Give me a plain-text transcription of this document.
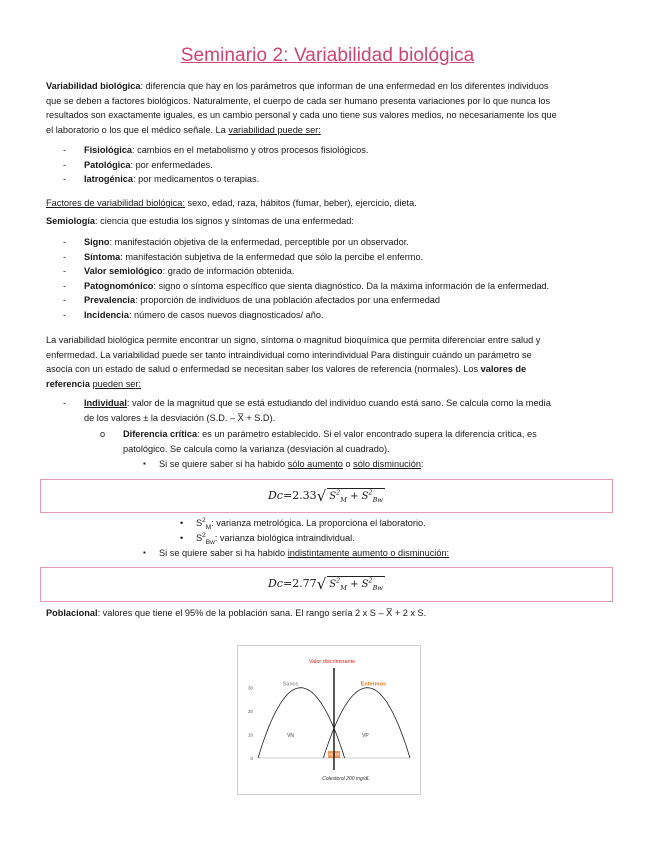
Seminario 2: Variabilidad biológica
Variabilidad biológica: diferencia que hay en los parámetros que informan de una enfermedad en los diferentes individuos
que se deben a factores biológicos. Naturalmente, el cuerpo de cada ser humano presenta variaciones por lo que nunca los
resultados son exactamente iguales, es un cambio personal y cada uno tiene sus valores medios, no necesariamente los que
el laboratorio o los que el médico señale. La variabilidad puede ser:
- Fisiológica: cambios en el metabolismo y otros procesos fisiológicos.
- Patológica: por enfermedades.
- Iatrogénica: por medicamentos o terapias.
Factores de variabilidad biológica: sexo, edad, raza, hábitos (fumar, beber), ejercicio, dieta.
Semiología: ciencia que estudia los signos y síntomas de una enfermedad:
- Signo: manifestación objetiva de la enfermedad, perceptible por un observador.
- Síntoma: manifestación subjetiva de la enfermedad que sólo la percibe el enfermo.
- Valor semiológico: grado de información obtenida.
- Patognomónico: signo o síntoma específico que sienta diagnóstico. Da la máxima información de la enfermedad.
- Prevalencia: proporción de individuos de una población afectados por una enfermedad
- Incidencia: número de casos nuevos diagnosticados/ año.
La variabilidad biológica permite encontrar un signo, síntoma o magnitud bioquímica que permita diferenciar entre salud y
enfermedad. La variabilidad puede ser tanto intraindividual como interindividual Para distinguir cuándo un parámetro se
asocia con un estado de salud o enfermedad se necesitan saber los valores de referencia (normales). Los valores de
referencia pueden ser:
- Individual: valor de la magnitud que se está estudiando del individuo cuando está sano. Se calcula como la media
de los valores ± la desviación (S.D. – X̅ + S.D).
o Diferencia crítica: es un parámetro establecido. Si el valor encontrado supera la diferencia crítica, es
patológico. Se calcula como la varianza (desviación al cuadrado).
▪ Si se quiere saber si ha habido sólo aumento o sólo disminución:
Dc = 2.33 √ $S^2_M + S^2_{Bw}$
• $S^2_M$: varianza metrológica. La proporciona el laboratorio.
• $S^2_{Bw}$: varianza biológica intraindividual.
▪ Si se quiere saber si ha habido indistintamente aumento o disminución:
Dc = 2.77 √ $S^2_M + S^2_{Bw}$
Poblacional: valores que tiene el 95% de la población sana. El rango sería 2 x S – X̅ + 2 x S.
Valor discriminante
0
10
20
30
Sanos
VN
Enfermos
VP
FN FP
Colesterol 200 mg/dL
